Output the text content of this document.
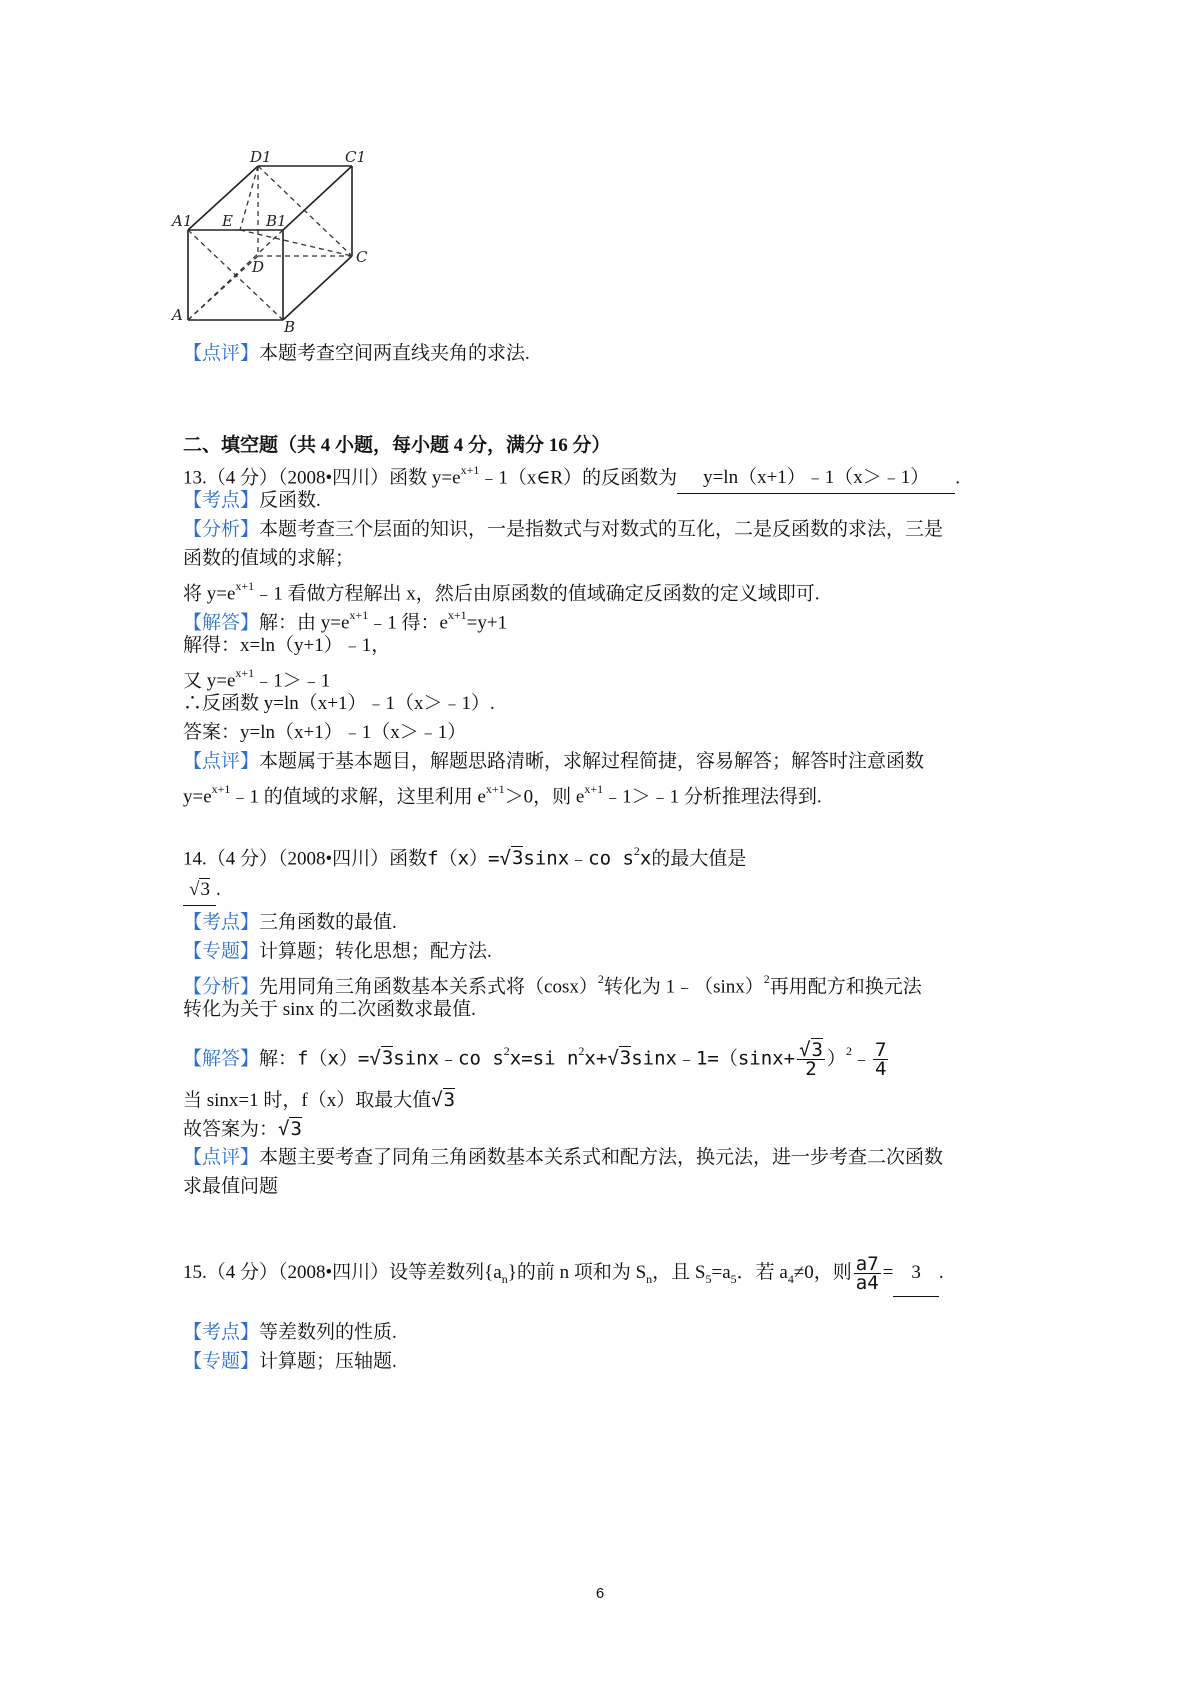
D1	C1
A1 E B1
D
C
A
B
【点评】本题考查空间两直线夹角的求法.
二、填空题（共 4 小题，每小题 4 分，满分 16 分）
13.（4 分）（2008•四川）函数 $y=e^{x+1}﹣1(x\in R)$的反函数为 y=ln（x+1）﹣1（x＞﹣1） .
【考点】反函数.
【分析】本题考查三个层面的知识，一是指数式与对数式的互化，二是反函数的求法，三是
函数的值域的求解；
将 $y=e^{x+1}﹣1$ 看做方程解出 x，然后由原函数的值域确定反函数的定义域即可.
【解答】解：由 $y=e^{x+1}﹣1$ 得：$e^{x+1}=y+1$
解得：x=ln（y+1）﹣1，
又 $y=e^{x+1}﹣1>﹣1$
∴反函数 y=ln（x+1）﹣1（x＞﹣1）.
答案：y=ln（x+1）﹣1（x＞﹣1）
【点评】本题属于基本题目，解题思路清晰，求解过程简捷，容易解答；解答时注意函数
$y=e^{x+1}﹣1$ 的值域的求解，这里利用 $e^{x+1}>0$，则 $e^{x+1}﹣1>﹣1$ 分析推理法得到.
14.（4 分）（2008•四川）函数f（x）=√3sinx﹣co $s^2x$的最大值是
√3 .
【考点】三角函数的最值.
【专题】计算题；转化思想；配方法.
【分析】先用同角三角函数基本关系式将$(\cos x)^2$转化为 $1﹣(\sin x)^2$再用配方和换元法
转化为关于 sinx 的二次函数求最值.
【解答】解：f（x）=√3sinx﹣co $s^2x=si$ $n^2x+√3\sin x﹣1=(\sin x+ \frac{√3}{2}$ ）$^2$﹣ $\frac{7}{4}$
当 sinx=1 时，f（x）取最大值√3
故答案为：√3
【点评】本题主要考查了同角三角函数基本关系式和配方法，换元法，进一步考查二次函数
求最值问题
15.（4 分）（2008•四川）设等差数列$\{a_n\}$的前 n 项和为 $S_n$，且 $S_5=a_5$．若 $a_4\ne 0$，则 $\frac{a7}{a4} = 3$ .
【考点】等差数列的性质.
【专题】计算题；压轴题.
6
